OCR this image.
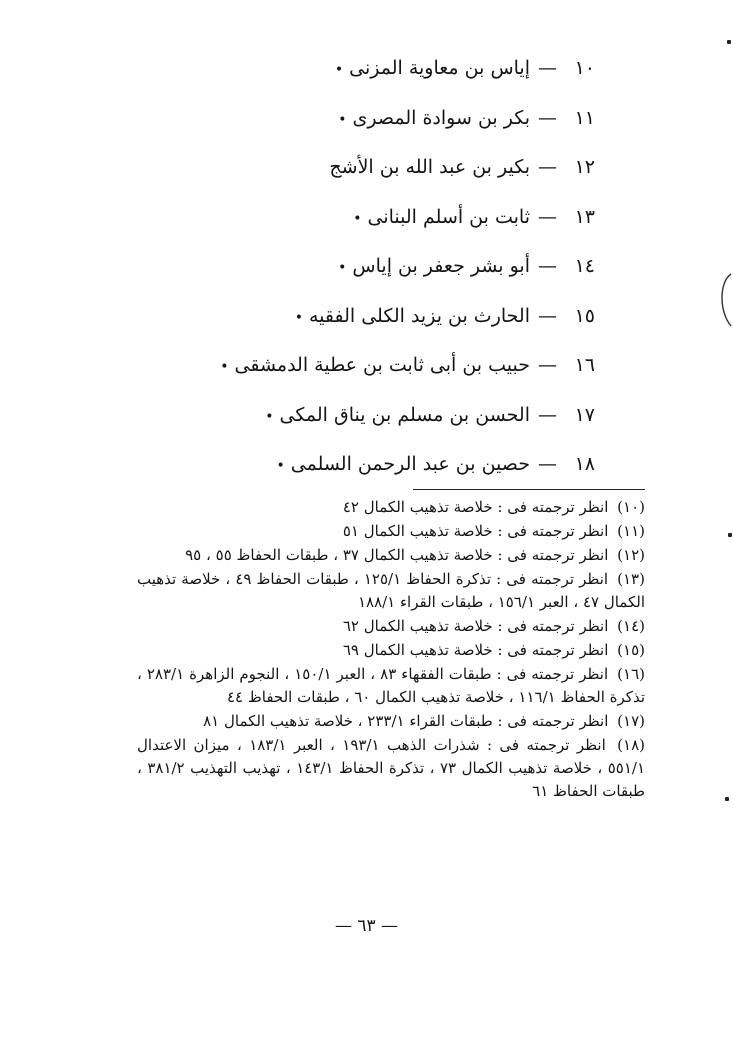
١٠—إياس بن معاوية المزنى•
١١—بكر بن سوادة المصرى•
١٢—بكير بن عبد الله بن الأشج
١٣—ثابت بن أسلم البنانى•
١٤—أبو بشر جعفر بن إياس•
١٥—الحارث بن يزيد الكلى الفقيه•
١٦—حبيب بن أبى ثابت بن عطية الدمشقى•
١٧—الحسن بن مسلم بن يناق المكى•
١٨—حصين بن عبد الرحمن السلمى•
(١٠) انظر ترجمته فى : خلاصة تذهيب الكمال ٤٢
(١١) انظر ترجمته فى : خلاصة تذهيب الكمال ٥١
(١٢) انظر ترجمته فى : خلاصة تذهيب الكمال ٣٧ ، طبقات الحفاظ ٥٥ ، ٩٥
(١٣) انظر ترجمته فى : تذكرة الحفاظ ١٢٥/١ ، طبقات الحفاظ ٤٩ ، خلاصة تذهيب الكمال ٤٧ ، العبر ١٥٦/١ ، طبقات القراء ١٨٨/١
(١٤) انظر ترجمته فى : خلاصة تذهيب الكمال ٦٢
(١٥) انظر ترجمته فى : خلاصة تذهيب الكمال ٦٩
(١٦) انظر ترجمته فى : طبقات الفقهاء ٨٣ ، العبر ١٥٠/١ ، النجوم الزاهرة ٢٨٣/١ ، تذكرة الحفاظ ١١٦/١ ، خلاصة تذهيب الكمال ٦٠ ، طبقات الحفاظ ٤٤
(١٧) انظر ترجمته فى : طبقات القراء ٢٣٣/١ ، خلاصة تذهيب الكمال ٨١
(١٨) انظر ترجمته فى : شذرات الذهب ١٩٣/١ ، العبر ١٨٣/١ ، ميزان الاعتدال ٥٥١/١ ، خلاصة تذهيب الكمال ٧٣ ، تذكرة الحفاظ ١٤٣/١ ، تهذيب التهذيب ٣٨١/٢ ، طبقات الحفاظ ٦١
— ٦٣ —
